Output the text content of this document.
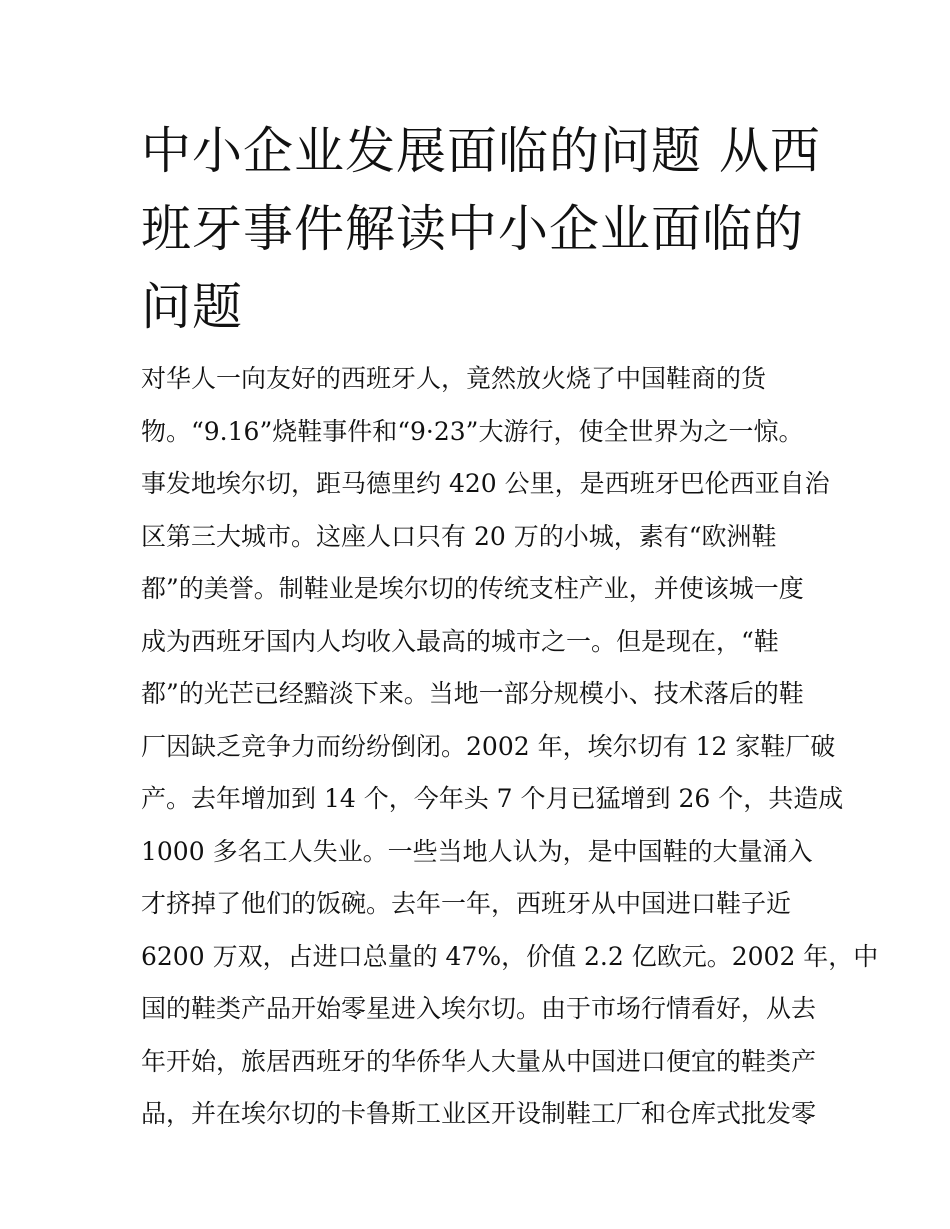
中小企业发展面临的问题 从西
班牙事件解读中小企业面临的
问题
对华人一向友好的西班牙人，竟然放火烧了中国鞋商的货
物。“9.16”烧鞋事件和“9·23”大游行，使全世界为之一惊。
事发地埃尔切，距马德里约 420 公里，是西班牙巴伦西亚自治
区第三大城市。这座人口只有 20 万的小城，素有“欧洲鞋
都”的美誉。制鞋业是埃尔切的传统支柱产业，并使该城一度
成为西班牙国内人均收入最高的城市之一。但是现在，“鞋
都”的光芒已经黯淡下来。当地一部分规模小、技术落后的鞋
厂因缺乏竞争力而纷纷倒闭。2002 年，埃尔切有 12 家鞋厂破
产。去年增加到 14 个，今年头 7 个月已猛增到 26 个，共造成
1000 多名工人失业。一些当地人认为，是中国鞋的大量涌入
才挤掉了他们的饭碗。去年一年，西班牙从中国进口鞋子近
6200 万双，占进口总量的 47%，价值 2.2 亿欧元。2002 年，中
国的鞋类产品开始零星进入埃尔切。由于市场行情看好，从去
年开始，旅居西班牙的华侨华人大量从中国进口便宜的鞋类产
品，并在埃尔切的卡鲁斯工业区开设制鞋工厂和仓库式批发零
